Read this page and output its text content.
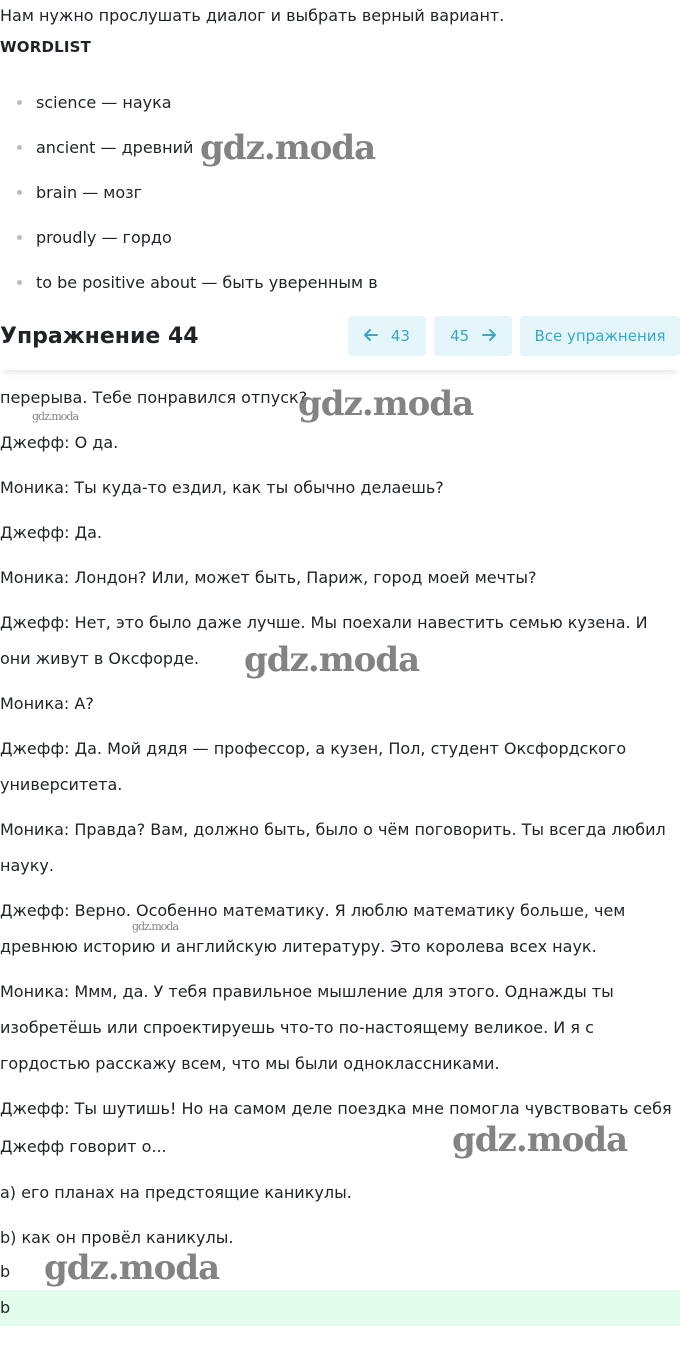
Нам нужно прослушать диалог и выбрать верный вариант.
WORDLIST
science — наука
ancient — древний
brain — мозг
proudly — гордо
to be positive about — быть уверенным в
перерыва. Тебе понравился отпуск?
Джефф: О да.
Моника: Ты куда-то ездил, как ты обычно делаешь?
Джефф: Да.
Моника: Лондон? Или, может быть, Париж, город моей мечты?
Джефф: Нет, это было даже лучше. Мы поехали навестить семью кузена. И они живут в Оксфорде.
Моника: А?
Джефф: Да. Мой дядя — профессор, а кузен, Пол, студент Оксфордского университета.
Моника: Правда? Вам, должно быть, было о чём поговорить. Ты всегда любил науку.
Джефф: Верно. Особенно математику. Я люблю математику больше, чем древнюю историю и английскую литературу. Это королева всех наук.
Моника: Ммм, да. У тебя правильное мышление для этого. Однажды ты изобретёшь или спроектируешь что-то по-настоящему великое. И я с гордостью расскажу всем, что мы были одноклассниками.
Джефф: Ты шутишь! Но на самом деле поездка мне помогла чувствовать себя
Джефф говорит о...
a) его планах на предстоящие каникулы.
b) как он провёл каникулы.
b
b
Упражнение 44	43	45	Все упражнения
gdz.moda
gdz.moda
gdz.moda
gdz.moda
gdz.moda
gdz.moda
gdz.moda
